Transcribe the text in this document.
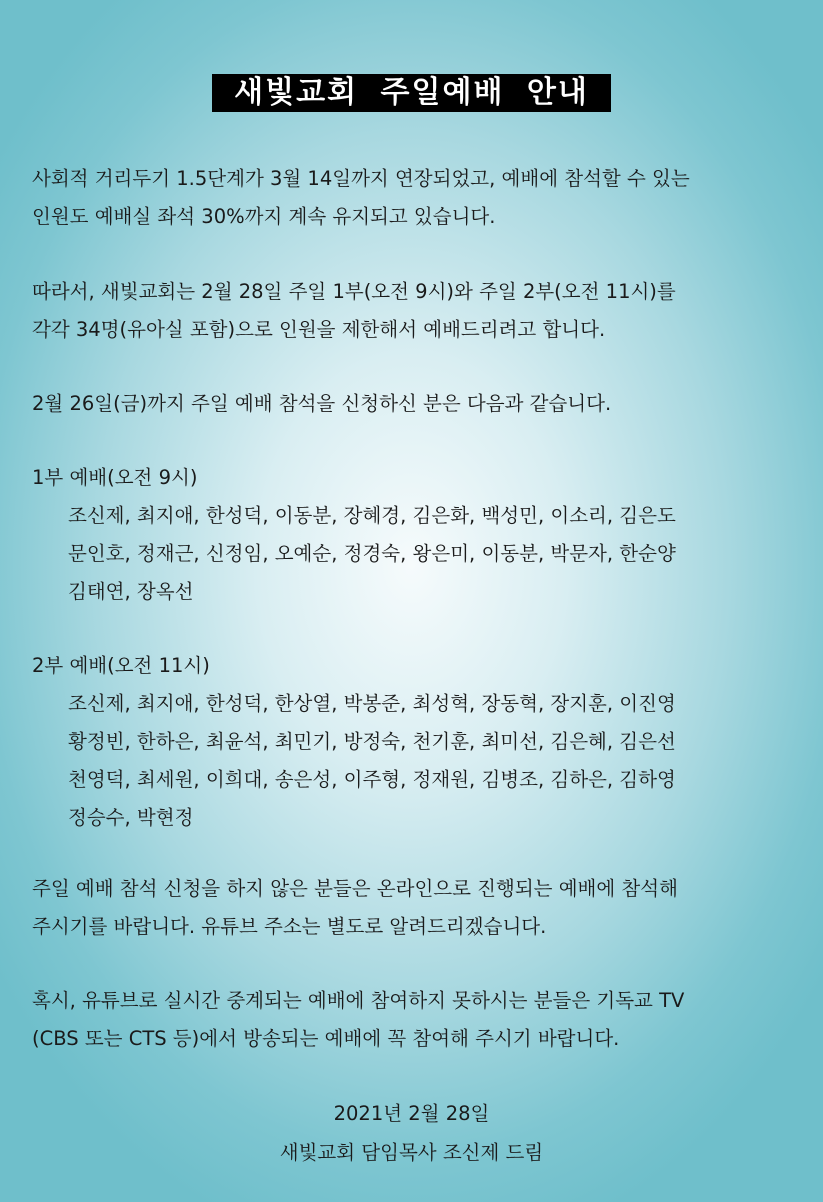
새빛교회 주일예배 안내
사회적 거리두기 1.5단계가 3월 14일까지 연장되었고, 예배에 참석할 수 있는
인원도 예배실 좌석 30%까지 계속 유지되고 있습니다.
따라서, 새빛교회는 2월 28일 주일 1부(오전 9시)와 주일 2부(오전 11시)를
각각 34명(유아실 포함)으로 인원을 제한해서 예배드리려고 합니다.
2월 26일(금)까지 주일 예배 참석을 신청하신 분은 다음과 같습니다.
1부 예배(오전 9시)
조신제, 최지애, 한성덕, 이동분, 장혜경, 김은화, 백성민, 이소리, 김은도
문인호, 정재근, 신정임, 오예순, 정경숙, 왕은미, 이동분, 박문자, 한순양
김태연, 장옥선
2부 예배(오전 11시)
조신제, 최지애, 한성덕, 한상열, 박봉준, 최성혁, 장동혁, 장지훈, 이진영
황정빈, 한하은, 최윤석, 최민기, 방정숙, 천기훈, 최미선, 김은혜, 김은선
천영덕, 최세원, 이희대, 송은성, 이주형, 정재원, 김병조, 김하은, 김하영
정승수, 박현정
주일 예배 참석 신청을 하지 않은 분들은 온라인으로 진행되는 예배에 참석해
주시기를 바랍니다. 유튜브 주소는 별도로 알려드리겠습니다.
혹시, 유튜브로 실시간 중계되는 예배에 참여하지 못하시는 분들은 기독교 TV
(CBS 또는 CTS 등)에서 방송되는 예배에 꼭 참여해 주시기 바랍니다.
2021년 2월 28일
새빛교회 담임목사 조신제 드림
